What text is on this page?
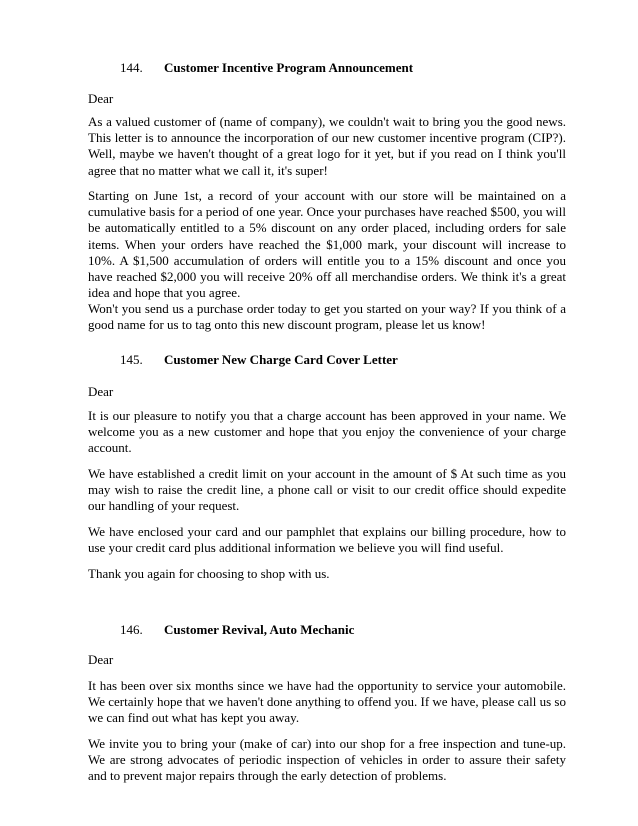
144. Customer Incentive Program Announcement

Dear

As a valued customer of (name of company), we couldn't wait to bring you the good news. This letter is to announce the incorporation of our new customer incentive program (CIP?). Well, maybe we haven't thought of a great logo for it yet, but if you read on I think you'll agree that no matter what we call it, it's super!

Starting on June 1st, a record of your account with our store will be maintained on a cumulative basis for a period of one year. Once your purchases have reached $500, you will be automatically entitled to a 5% discount on any order placed, including orders for sale items. When your orders have reached the $1,000 mark, your discount will increase to 10%. A $1,500 accumulation of orders will entitle you to a 15% discount and once you have reached $2,000 you will receive 20% off all merchandise orders. We think it's a great idea and hope that you agree.

Won't you send us a purchase order today to get you started on your way? If you think of a good name for us to tag onto this new discount program, please let us know!

145. Customer New Charge Card Cover Letter

Dear

It is our pleasure to notify you that a charge account has been approved in your name. We welcome you as a new customer and hope that you enjoy the convenience of your charge account.

We have established a credit limit on your account in the amount of $ At such time as you may wish to raise the credit line, a phone call or visit to our credit office should expedite our handling of your request.

We have enclosed your card and our pamphlet that explains our billing procedure, how to use your credit card plus additional information we believe you will find useful.

Thank you again for choosing to shop with us.

146. Customer Revival, Auto Mechanic

Dear

It has been over six months since we have had the opportunity to service your automobile. We certainly hope that we haven't done anything to offend you. If we have, please call us so we can find out what has kept you away.

We invite you to bring your (make of car) into our shop for a free inspection and tune-up. We are strong advocates of periodic inspection of vehicles in order to assure their safety and to prevent major repairs through the early detection of problems.
